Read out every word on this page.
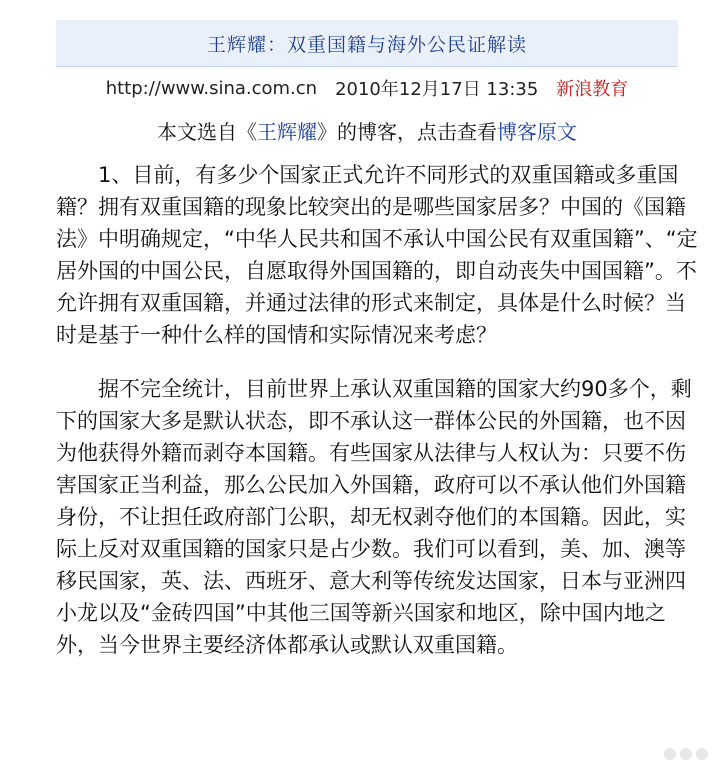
王辉耀：双重国籍与海外公民证解读
http://www.sina.com.cn 2010年12月17日 13:35 新浪教育
本文选自《 王辉耀 》的博客，点击查看 博客原文

1、目前，有多少个国家正式允许不同形式的双重国籍或多重国籍？拥有双重国籍的现象比较突出的是哪些国家居多？中国的《国籍法》中明确规定，“中华人民共和国不承认中国公民有双重国籍”、“定居外国的中国公民，自愿取得外国国籍的，即自动丧失中国国籍”。不允许拥有双重国籍，并通过法律的形式来制定，具体是什么时候？当时是基于一种什么样的国情和实际情况来考虑？

据不完全统计，目前世界上承认双重国籍的国家大约90多个，剩下的国家大多是默认状态，即不承认这一群体公民的外国籍，也不因为他获得外籍而剥夺本国籍。有些国家从法律与人权认为：只要不伤害国家正当利益，那么公民加入外国籍，政府可以不承认他们外国籍身份，不让担任政府部门公职，却无权剥夺他们的本国籍。因此，实际上反对双重国籍的国家只是占少数。我们可以看到，美、加、澳等移民国家，英、法、西班牙、意大利等传统发达国家，日本与亚洲四小龙以及“金砖四国”中其他三国等新兴国家和地区，除中国内地之外，当今世界主要经济体都承认或默认双重国籍。
